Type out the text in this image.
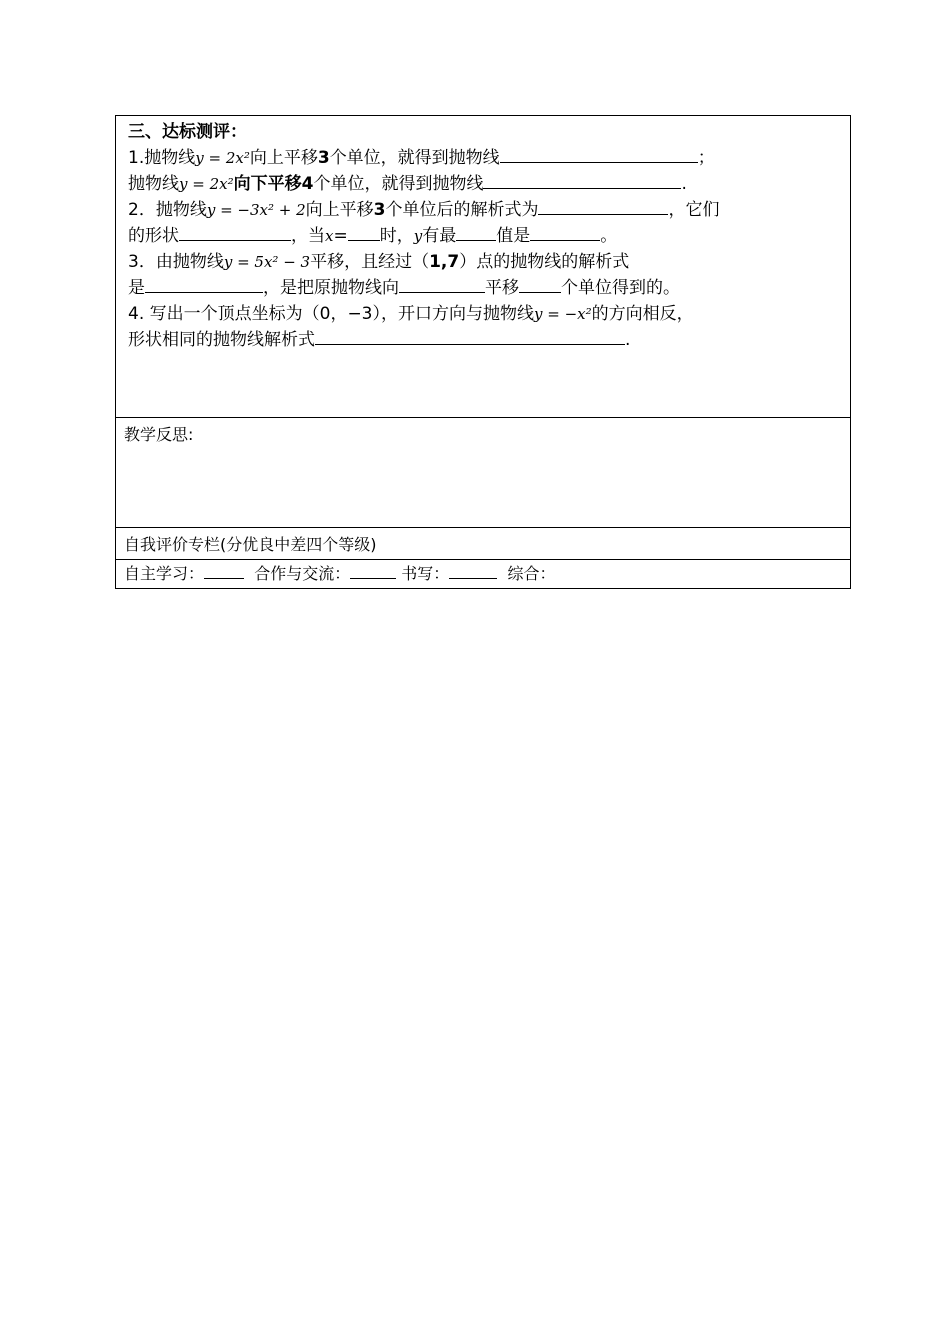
三、达标测评：
1.抛物线y = 2x²向上平移3个单位，就得到抛物线	；
抛物线y = 2x²向下平移4个单位，就得到抛物线	.
2．抛物线y = −3x² + 2向上平移3个单位后的解析式为	，它们
的形状	，当x= 时，y有最 值是	。
3．由抛物线y = 5x² − 3平移，且经过（1,7）点的抛物线的解析式
是	，是把原抛物线向	平移 个单位得到的。
4. 写出一个顶点坐标为（0，−3），开口方向与抛物线y = −x²的方向相反，
形状相同的抛物线解析式	.
教学反思:
自我评价专栏(分优良中差四个等级)
自主学习：	合作与交流：	书写：	综合：
